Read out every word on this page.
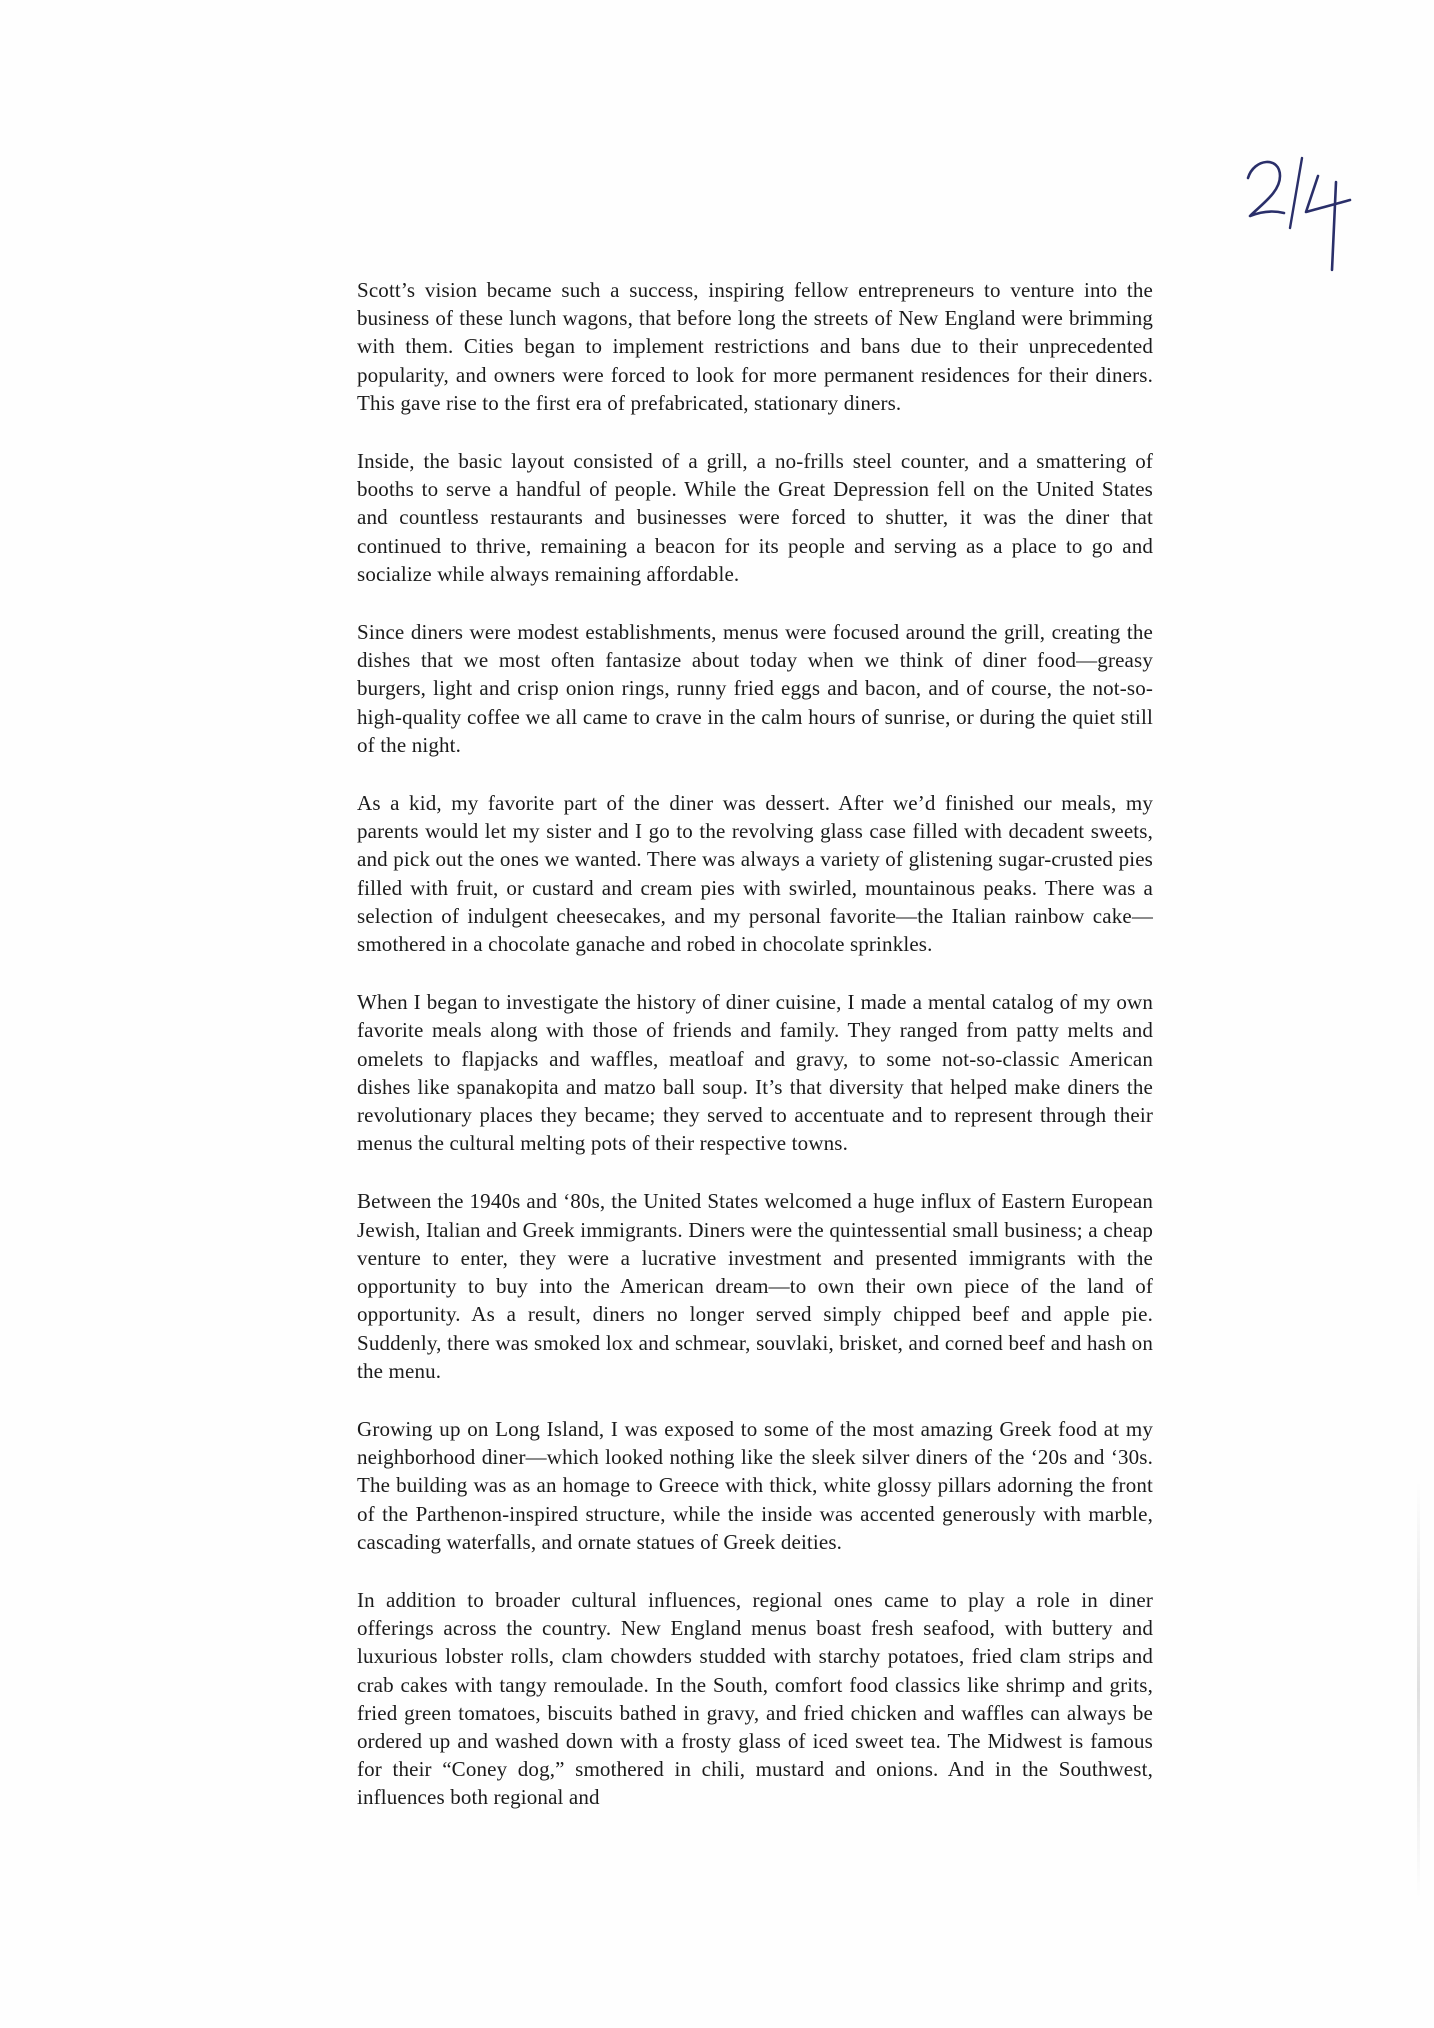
Scott’s vision became such a success, inspiring fellow entrepreneurs to venture into the business of these lunch wagons, that before long the streets of New England were brimming with them. Cities began to implement restrictions and bans due to their unprecedented popularity, and owners were forced to look for more permanent residences for their diners. This gave rise to the first era of prefabricated, stationary diners.

Inside, the basic layout consisted of a grill, a no-frills steel counter, and a smattering of booths to serve a handful of people. While the Great Depression fell on the United States and countless restaurants and businesses were forced to shutter, it was the diner that continued to thrive, remaining a beacon for its people and serving as a place to go and socialize while always remaining affordable.

Since diners were modest establishments, menus were focused around the grill, creating the dishes that we most often fantasize about today when we think of diner food—greasy burgers, light and crisp onion rings, runny fried eggs and bacon, and of course, the not-so-high-quality coffee we all came to crave in the calm hours of sunrise, or during the quiet still of the night.

As a kid, my favorite part of the diner was dessert. After we’d finished our meals, my parents would let my sister and I go to the revolving glass case filled with decadent sweets, and pick out the ones we wanted. There was always a variety of glistening sugar-crusted pies filled with fruit, or custard and cream pies with swirled, mountainous peaks. There was a selection of indulgent cheesecakes, and my personal favorite—the Italian rainbow cake—smothered in a chocolate ganache and robed in chocolate sprinkles.

When I began to investigate the history of diner cuisine, I made a mental catalog of my own favorite meals along with those of friends and family. They ranged from patty melts and omelets to flapjacks and waffles, meatloaf and gravy, to some not-so-classic American dishes like spanakopita and matzo ball soup. It’s that diversity that helped make diners the revolutionary places they became; they served to accentuate and to represent through their menus the cultural melting pots of their respective towns.

Between the 1940s and ‘80s, the United States welcomed a huge influx of Eastern European Jewish, Italian and Greek immigrants. Diners were the quintessential small business; a cheap venture to enter, they were a lucrative investment and presented immigrants with the opportunity to buy into the American dream—to own their own piece of the land of opportunity. As a result, diners no longer served simply chipped beef and apple pie. Suddenly, there was smoked lox and schmear, souvlaki, brisket, and corned beef and hash on the menu.

Growing up on Long Island, I was exposed to some of the most amazing Greek food at my neighborhood diner—which looked nothing like the sleek silver diners of the ‘20s and ‘30s. The building was as an homage to Greece with thick, white glossy pillars adorning the front of the Parthenon-inspired structure, while the inside was accented generously with marble, cascading waterfalls, and ornate statues of Greek deities.

In addition to broader cultural influences, regional ones came to play a role in diner offerings across the country. New England menus boast fresh seafood, with buttery and luxurious lobster rolls, clam chowders studded with starchy potatoes, fried clam strips and crab cakes with tangy remoulade. In the South, comfort food classics like shrimp and grits, fried green tomatoes, biscuits bathed in gravy, and fried chicken and waffles can always be ordered up and washed down with a frosty glass of iced sweet tea. The Midwest is famous for their “Coney dog,” smothered in chili, mustard and onions. And in the Southwest, influences both regional and
